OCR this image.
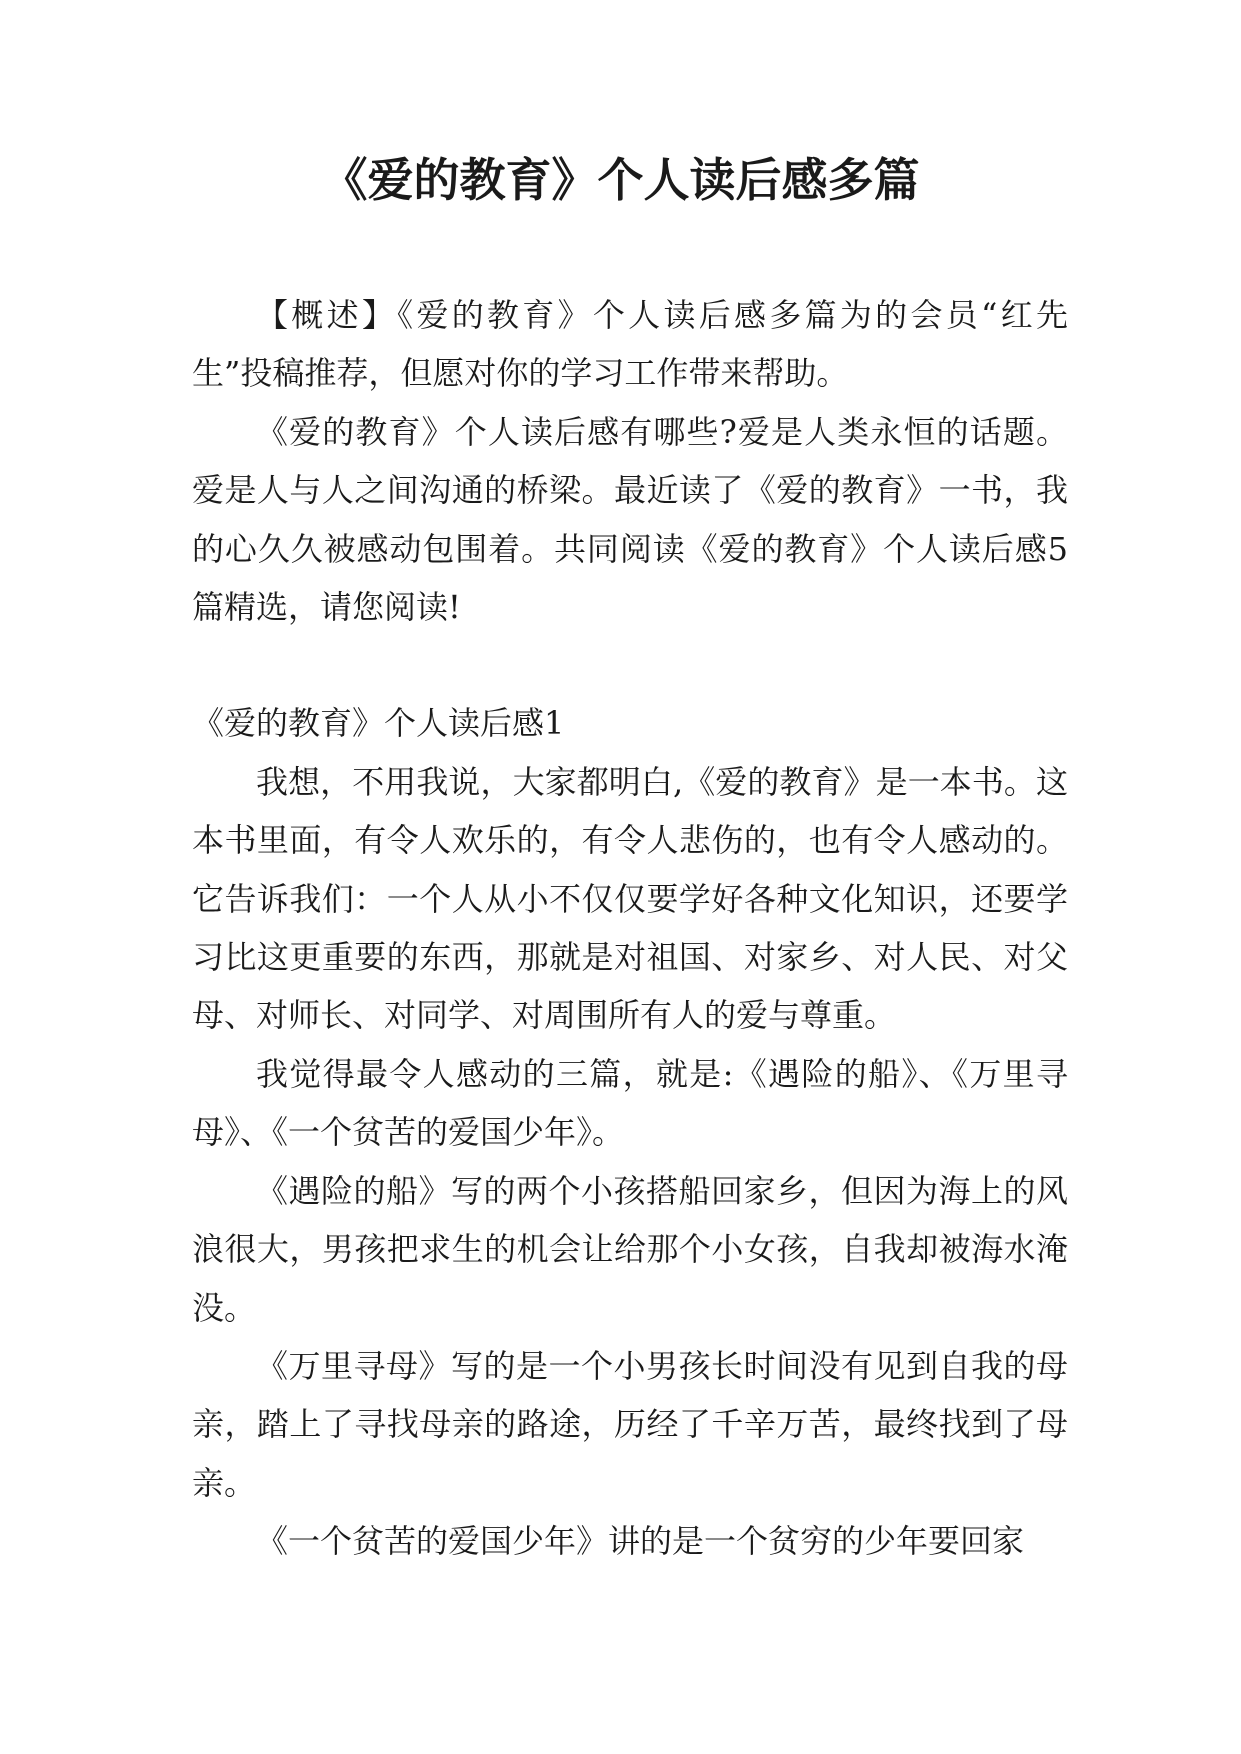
《爱的教育》个人读后感多篇

【概述】《爱的教育》个人读后感多篇为的会员“红先生”投稿推荐，但愿对你的学习工作带来帮助。

《爱的教育》个人读后感有哪些?爱是人类永恒的话题。爱是人与人之间沟通的桥梁。最近读了《爱的教育》一书，我的心久久被感动包围着。共同阅读《爱的教育》个人读后感5篇精选，请您阅读!

《爱的教育》个人读后感1

我想，不用我说，大家都明白,《爱的教育》是一本书。这本书里面，有令人欢乐的，有令人悲伤的，也有令人感动的。它告诉我们：一个人从小不仅仅要学好各种文化知识，还要学习比这更重要的东西，那就是对祖国、对家乡、对人民、对父母、对师长、对同学、对周围所有人的爱与尊重。

我觉得最令人感动的三篇，就是:《遇险的船》、《万里寻母》、《一个贫苦的爱国少年》。

《遇险的船》写的两个小孩搭船回家乡，但因为海上的风浪很大，男孩把求生的机会让给那个小女孩，自我却被海水淹没。

《万里寻母》写的是一个小男孩长时间没有见到自我的母亲，踏上了寻找母亲的路途，历经了千辛万苦，最终找到了母亲。

《一个贫苦的爱国少年》讲的是一个贫穷的少年要回家
